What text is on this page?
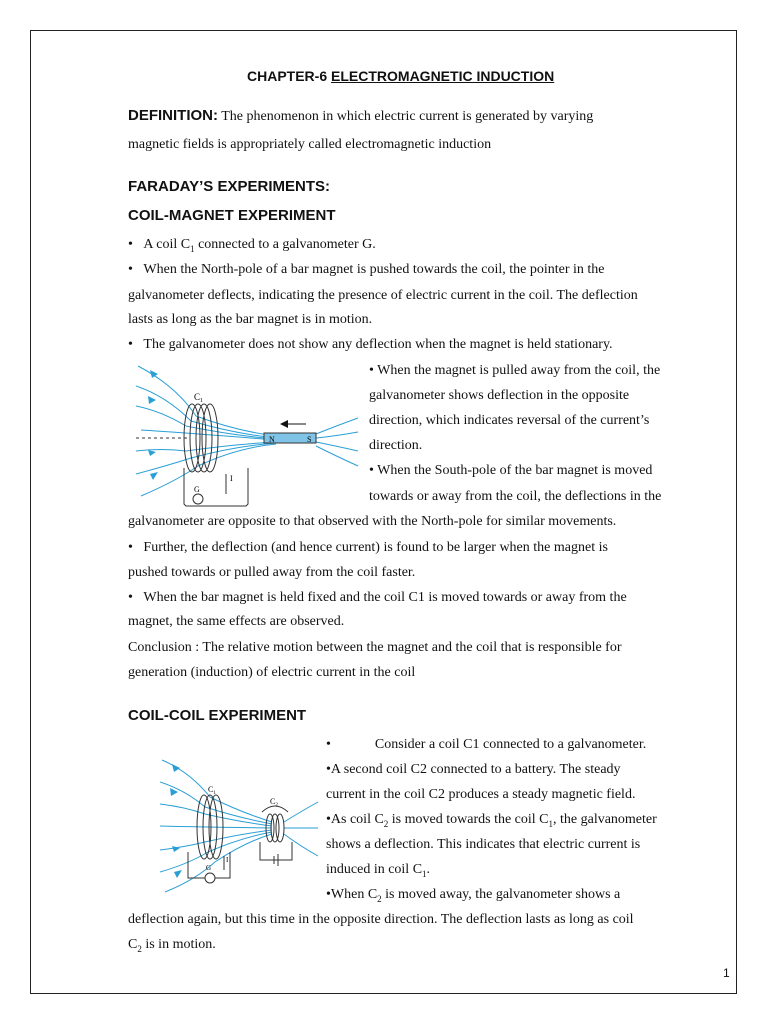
CHAPTER-6 ELECTROMAGNETIC INDUCTION
DEFINITION: The phenomenon in which electric current is generated by varying
magnetic fields is appropriately called electromagnetic induction
FARADAY’S EXPERIMENTS:
COIL-MAGNET EXPERIMENT
• A coil $C_1$ connected to a galvanometer G.
• When the North-pole of a bar magnet is pushed towards the coil, the pointer in the
galvanometer deflects, indicating the presence of electric current in the coil. The deflection
lasts as long as the bar magnet is in motion.
• The galvanometer does not show any deflection when the magnet is held stationary.
$C_1$
N	S
G
I
• When the magnet is pulled away from the coil, the
galvanometer shows deflection in the opposite
direction, which indicates reversal of the current’s
direction.
• When the South-pole of the bar magnet is moved
towards or away from the coil, the deflections in the
galvanometer are opposite to that observed with the North-pole for similar movements.
• Further, the deflection (and hence current) is found to be larger when the magnet is
pushed towards or pulled away from the coil faster.
• When the bar magnet is held fixed and the coil C1 is moved towards or away from the
magnet, the same effects are observed.
Conclusion : The relative motion between the magnet and the coil that is responsible for
generation (induction) of electric current in the coil
COIL-COIL EXPERIMENT
$C_1$
$C_2$
G
I
•	Consider a coil C1 connected to a galvanometer.
•A second coil C2 connected to a battery. The steady
current in the coil C2 produces a steady magnetic field.
•As coil $C_2$ is moved towards the coil $C_1$, the galvanometer
shows a deflection. This indicates that electric current is
induced in coil $C_1$.
•When $C_2$ is moved away, the galvanometer shows a
deflection again, but this time in the opposite direction. The deflection lasts as long as coil
$C_2$ is in motion.
1
